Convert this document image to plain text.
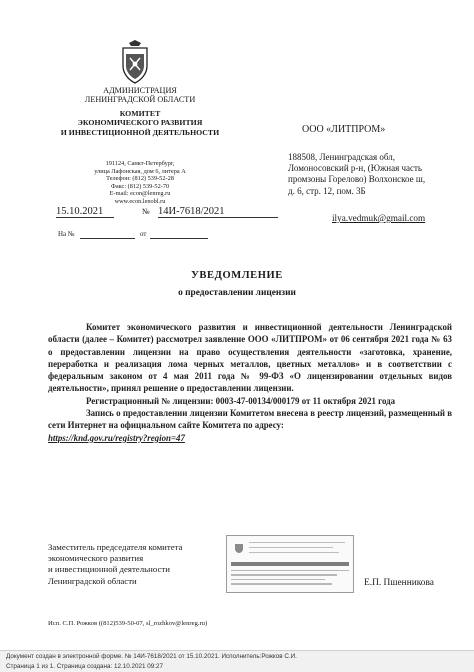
АДМИНИСТРАЦИЯ
ЛЕНИНГРАДСКОЙ ОБЛАСТИ
КОМИТЕТ
ЭКОНОМИЧЕСКОГО РАЗВИТИЯ
И ИНВЕСТИЦИОННОЙ ДЕЯТЕЛЬНОСТИ
191124, Санкт-Петербург,
улица Лафонская, дом 6, литера А
Телефон: (812) 539-52-28
Факс: (812) 539-52-70
E-mail: econ@lenreg.ru
www.econ.lenobl.ru
15.10.2021	№ 14И-7618/2021
На №	от
ООО «ЛИТПРОМ»
188508, Ленинградская обл,
Ломоносовский р-н, (Южная часть
промзоны Горелово) Волхонское ш,
д. 6, стр. 12, пом. 3Б
ilya.vedmuk@gmail.com
УВЕДОМЛЕНИЕ
о предоставлении лицензии

Комитет экономического развития и инвестиционной деятельности Ленинградской области (далее – Комитет) рассмотрел заявление ООО «ЛИТПРОМ» от 06 сентября 2021 года № 63 о предоставлении лицензии на право осуществления деятельности «заготовка, хранение, переработка и реализация лома черных металлов, цветных металлов» и в соответствии с федеральным законом от 4 мая 2011 года № 99-ФЗ «О лицензировании отдельных видов деятельности», принял решение о предоставлении лицензии.

Регистрационный № лицензии: 0003-47-00134/000179 от 11 октября 2021 года

Запись о предоставлении лицензии Комитетом внесена в реестр лицензий, размещенный в сети Интернет на официальном сайте Комитета по адресу:

https://knd.gov.ru/registry?region=47

Заместитель председателя комитета
экономического развития
и инвестиционной деятельности
Ленинградской области	Е.П. Пшенникова
Исп. С.П. Рожков ((812)539-50-07, sl_rozhkov@lenreg.ru)
Документ создан в электронной форме. № 14И-7618/2021 от 15.10.2021. Исполнитель:Рожков С.И.
Страница 1 из 1. Страница создана: 12.10.2021 09:27
